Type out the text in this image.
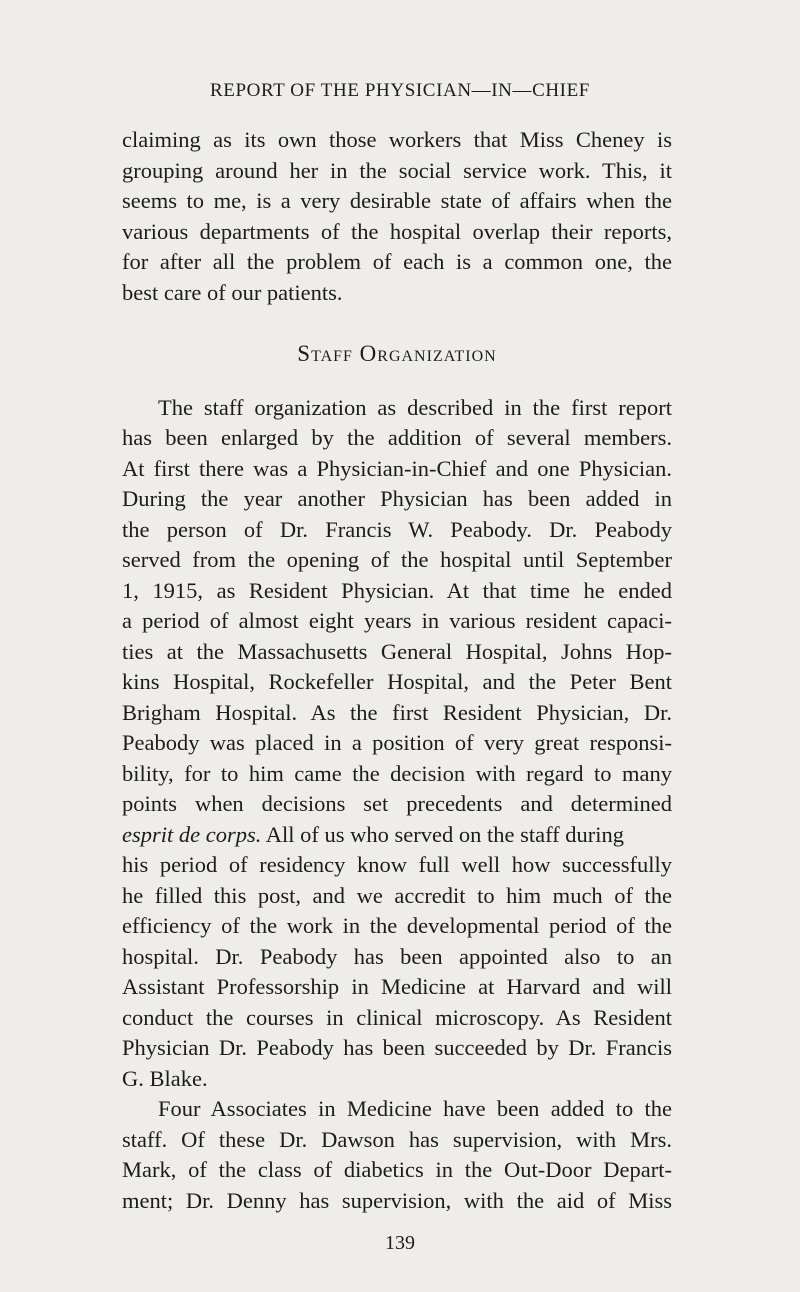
REPORT OF THE PHYSICIAN—IN—CHIEF
claiming as its own those workers that Miss Cheney is
grouping around her in the social service work. This, it
seems to me, is a very desirable state of affairs when the
various departments of the hospital overlap their reports,
for after all the problem of each is a common one, the
best care of our patients.
Staff Organization
The staff organization as described in the first report
has been enlarged by the addition of several members.
At first there was a Physician-in-Chief and one Physician.
During the year another Physician has been added in
the person of Dr. Francis W. Peabody. Dr. Peabody
served from the opening of the hospital until September
1, 1915, as Resident Physician. At that time he ended
a period of almost eight years in various resident capaci-
ties at the Massachusetts General Hospital, Johns Hop-
kins Hospital, Rockefeller Hospital, and the Peter Bent
Brigham Hospital. As the first Resident Physician, Dr.
Peabody was placed in a position of very great responsi-
bility, for to him came the decision with regard to many
points when decisions set precedents and determined
esprit de corps. All of us who served on the staff during
his period of residency know full well how successfully
he filled this post, and we accredit to him much of the
efficiency of the work in the developmental period of the
hospital. Dr. Peabody has been appointed also to an
Assistant Professorship in Medicine at Harvard and will
conduct the courses in clinical microscopy. As Resident
Physician Dr. Peabody has been succeeded by Dr. Francis
G. Blake.
Four Associates in Medicine have been added to the
staff. Of these Dr. Dawson has supervision, with Mrs.
Mark, of the class of diabetics in the Out-Door Depart-
ment; Dr. Denny has supervision, with the aid of Miss
139
